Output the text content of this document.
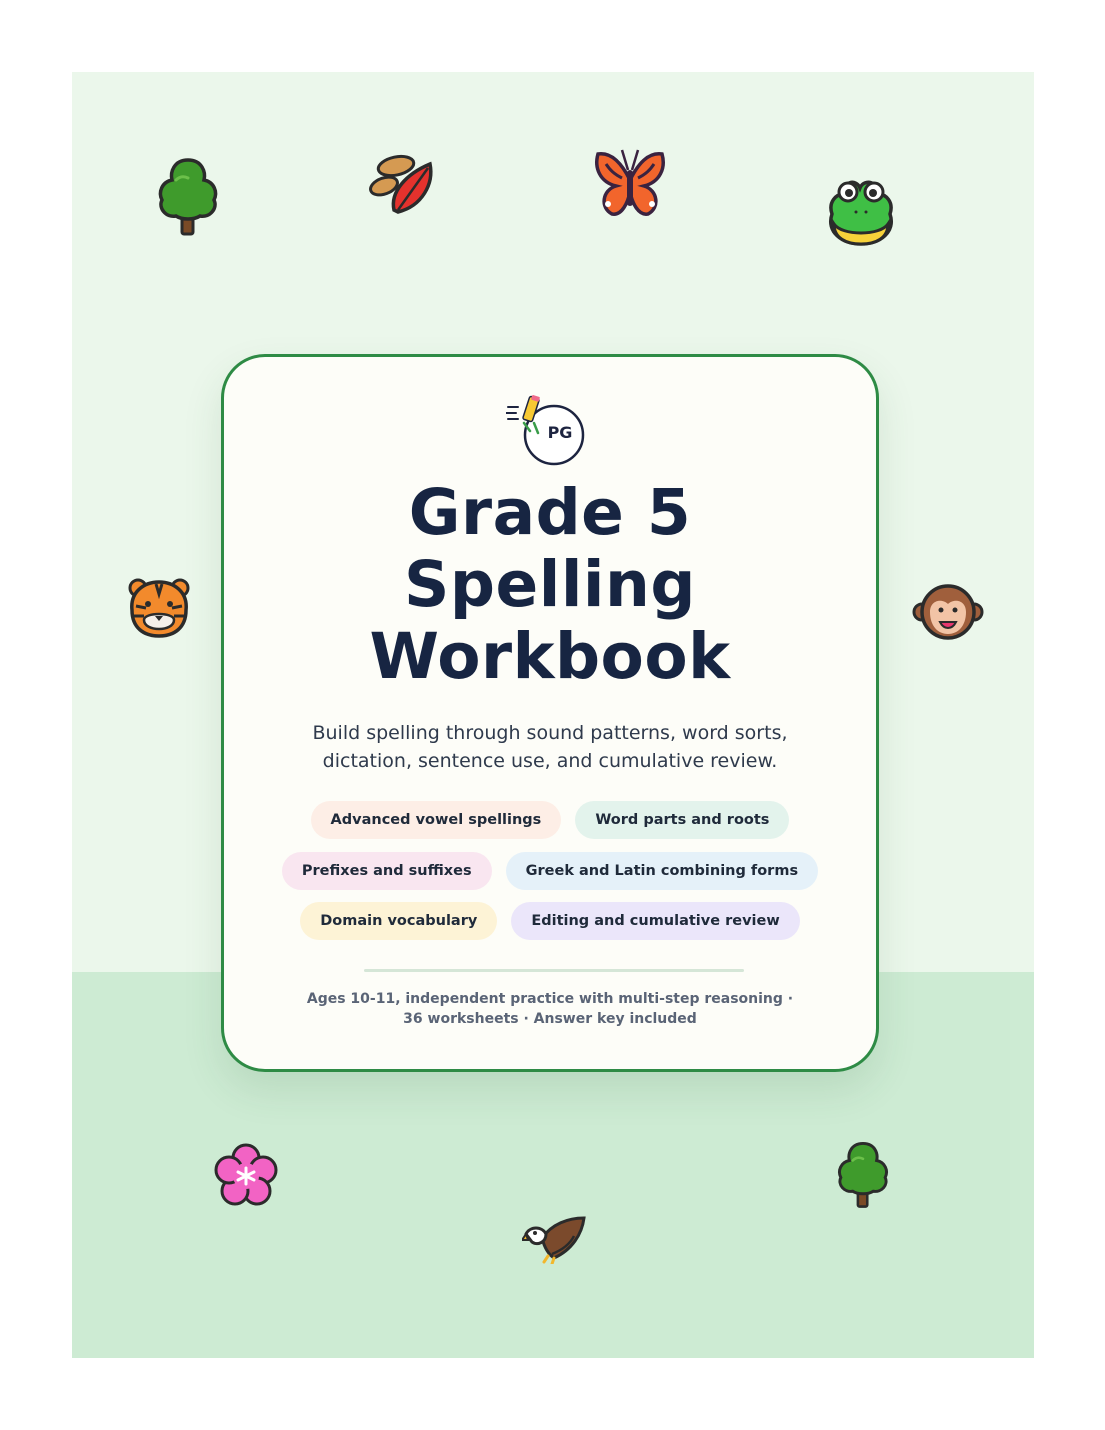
PG
Grade 5
Spelling
Workbook

Build spelling through sound patterns, word sorts, dictation, sentence use, and cumulative review.

Advanced vowel spellings	Word parts and roots
Prefixes and suffixes	Greek and Latin combining forms
Domain vocabulary	Editing and cumulative review

Ages 10-11, independent practice with multi-step reasoning · 36 worksheets · Answer key included
